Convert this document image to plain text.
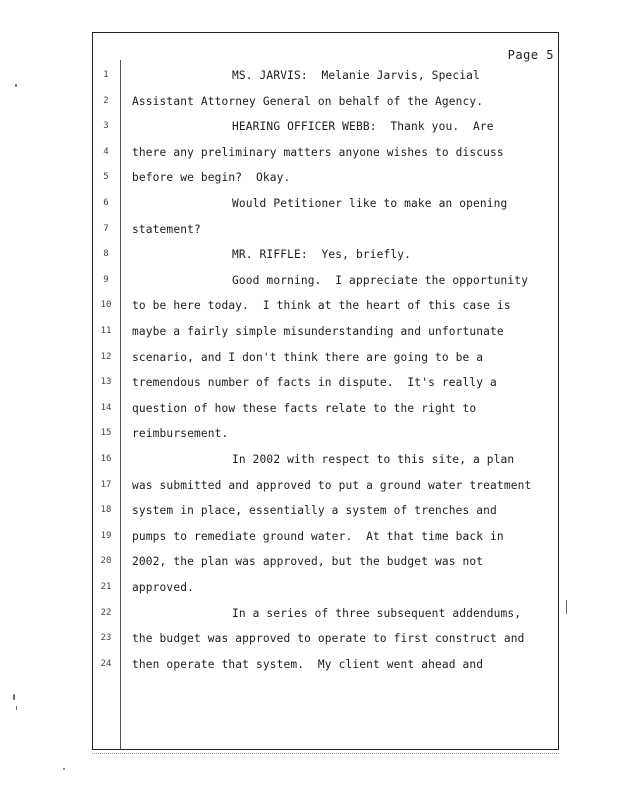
Page 5
1	MS. JARVIS:  Melanie Jarvis, Special
2 Assistant Attorney General on behalf of the Agency.
3	HEARING OFFICER WEBB:  Thank you.  Are
4 there any preliminary matters anyone wishes to discuss
5 before we begin?  Okay.
6	Would Petitioner like to make an opening
7 statement?
8	MR. RIFFLE:  Yes, briefly.
9	Good morning.  I appreciate the opportunity
10 to be here today.  I think at the heart of this case is
11 maybe a fairly simple misunderstanding and unfortunate
12 scenario, and I don't think there are going to be a
13 tremendous number of facts in dispute.  It's really a
14 question of how these facts relate to the right to
15 reimbursement.
16	In 2002 with respect to this site, a plan
17 was submitted and approved to put a ground water treatment
18 system in place, essentially a system of trenches and
19 pumps to remediate ground water.  At that time back in
20 2002, the plan was approved, but the budget was not
21 approved.
22	In a series of three subsequent addendums,
23 the budget was approved to operate to first construct and
24 then operate that system.  My client went ahead and
